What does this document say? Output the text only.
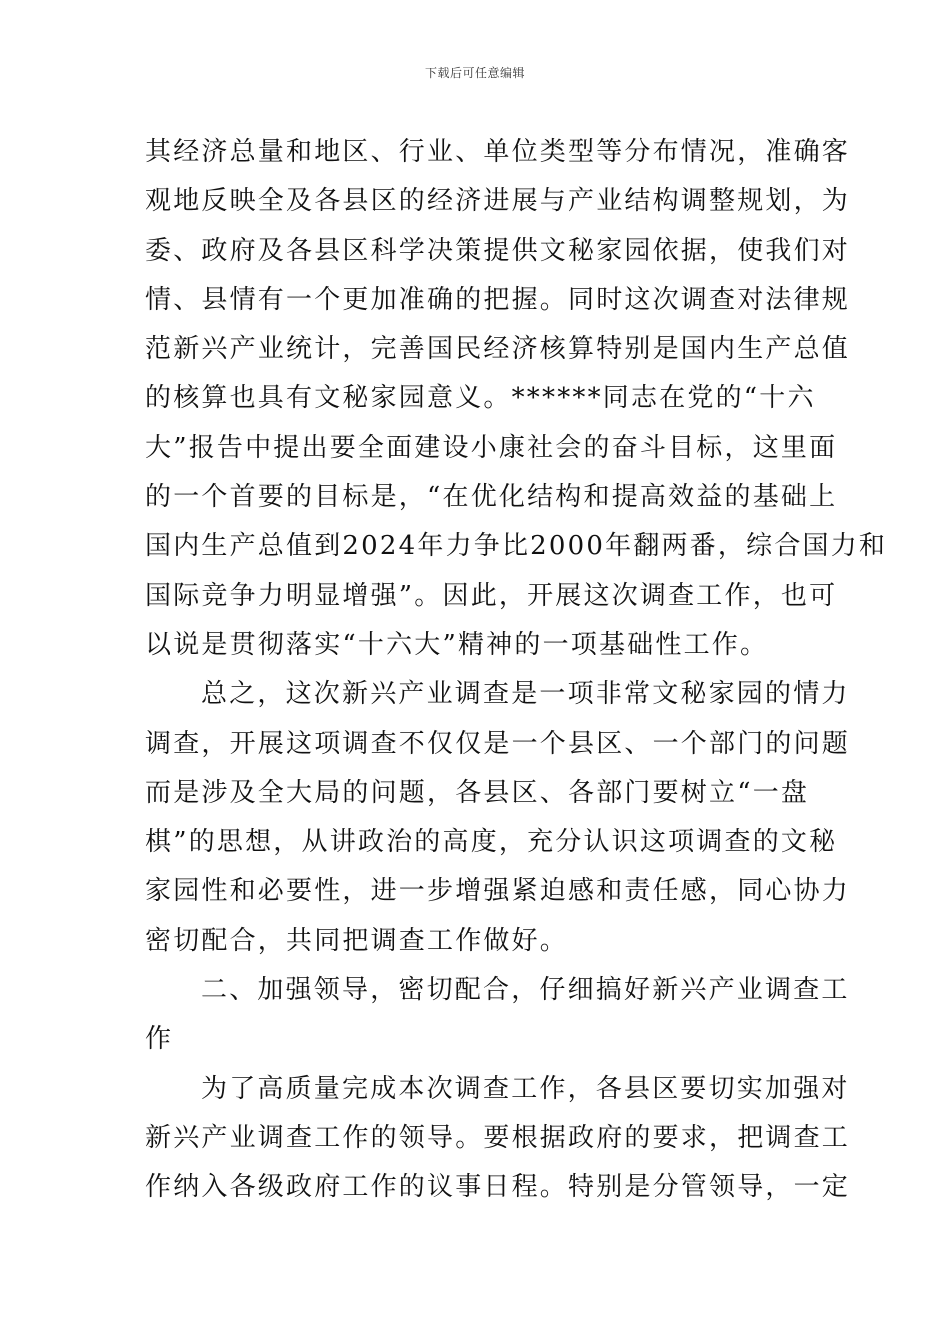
下载后可任意编辑
其经济总量和地区、行业、单位类型等分布情况，准确客
观地反映全及各县区的经济进展与产业结构调整规划，为
委、政府及各县区科学决策提供文秘家园依据，使我们对
情、县情有一个更加准确的把握。同时这次调查对法律规
范新兴产业统计，完善国民经济核算特别是国内生产总值
的核算也具有文秘家园意义。******同志在党的“十六
大”报告中提出要全面建设小康社会的奋斗目标，这里面
的一个首要的目标是，“在优化结构和提高效益的基础上
国内生产总值到2024年力争比2000年翻两番，综合国力和
国际竞争力明显增强”。因此，开展这次调查工作，也可
以说是贯彻落实“十六大”精神的一项基础性工作。
总之，这次新兴产业调查是一项非常文秘家园的情力
调查，开展这项调查不仅仅是一个县区、一个部门的问题
而是涉及全大局的问题，各县区、各部门要树立“一盘
棋”的思想，从讲政治的高度，充分认识这项调查的文秘
家园性和必要性，进一步增强紧迫感和责任感，同心协力
密切配合，共同把调查工作做好。
二、加强领导，密切配合，仔细搞好新兴产业调查工
作
为了高质量完成本次调查工作，各县区要切实加强对
新兴产业调查工作的领导。要根据政府的要求，把调查工
作纳入各级政府工作的议事日程。特别是分管领导，一定
